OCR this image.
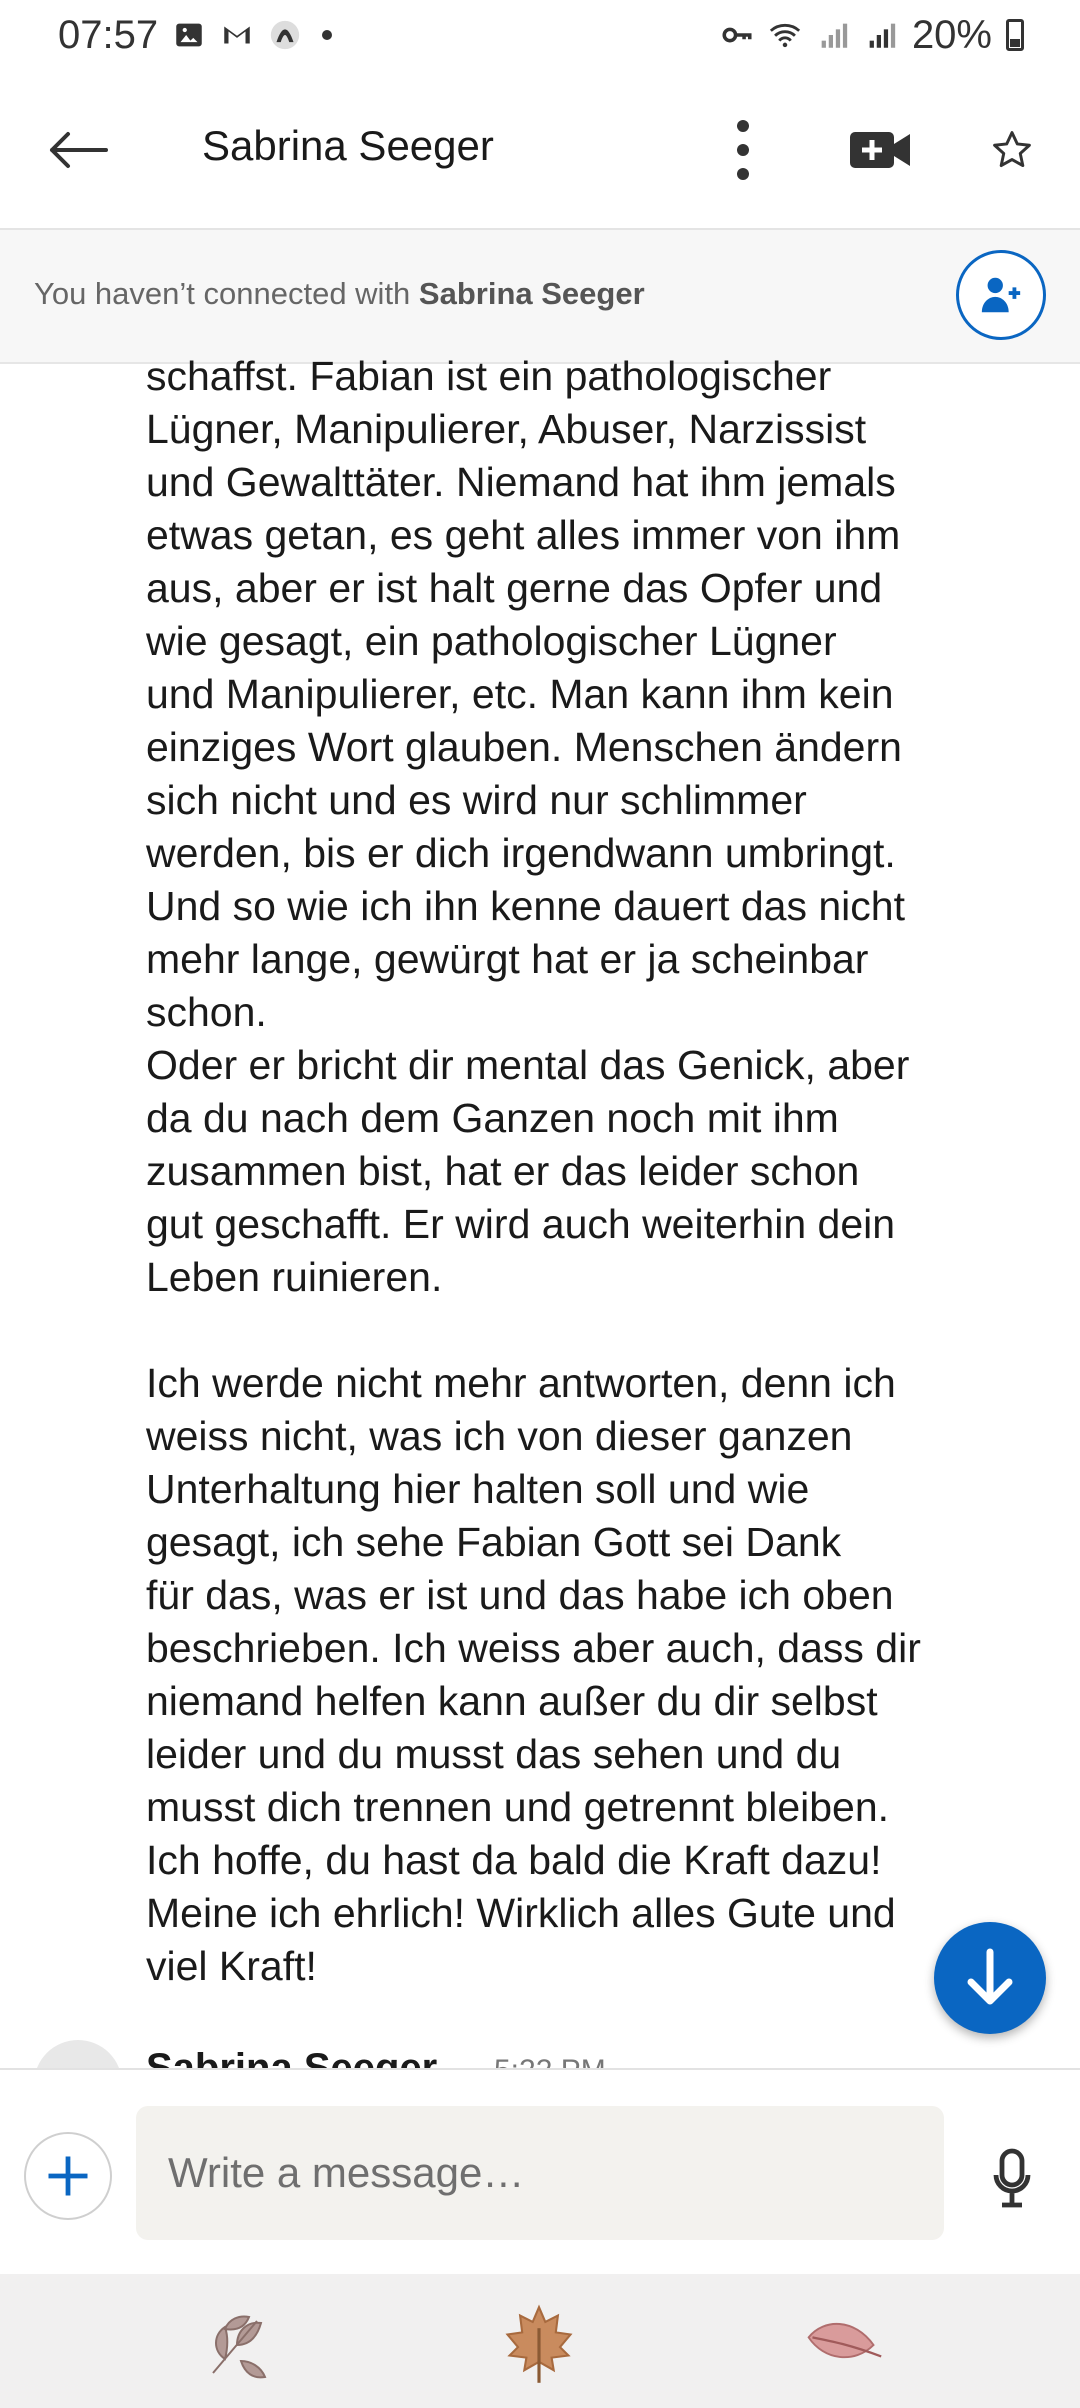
07:57	20%
Sabrina Seeger
You haven’t connected with Sabrina Seeger

schaffst. Fabian ist ein pathologischer
Lügner, Manipulierer, Abuser, Narzissist
und Gewalttäter. Niemand hat ihm jemals
etwas getan, es geht alles immer von ihm
aus, aber er ist halt gerne das Opfer und
wie gesagt, ein pathologischer Lügner
und Manipulierer, etc. Man kann ihm kein
einziges Wort glauben. Menschen ändern
sich nicht und es wird nur schlimmer
werden, bis er dich irgendwann umbringt.
Und so wie ich ihn kenne dauert das nicht
mehr lange, gewürgt hat er ja scheinbar
schon.
Oder er bricht dir mental das Genick, aber
da du nach dem Ganzen noch mit ihm
zusammen bist, hat er das leider schon
gut geschafft. Er wird auch weiterhin dein
Leben ruinieren.

Ich werde nicht mehr antworten, denn ich
weiss nicht, was ich von dieser ganzen
Unterhaltung hier halten soll und wie
gesagt, ich sehe Fabian Gott sei Dank
für das, was er ist und das habe ich oben
beschrieben. Ich weiss aber auch, dass dir
niemand helfen kann außer du dir selbst
leider und du musst das sehen und du
musst dich trennen und getrennt bleiben.
Ich hoffe, du hast da bald die Kraft dazu!
Meine ich ehrlich! Wirklich alles Gute und
viel Kraft!

Write a message…
